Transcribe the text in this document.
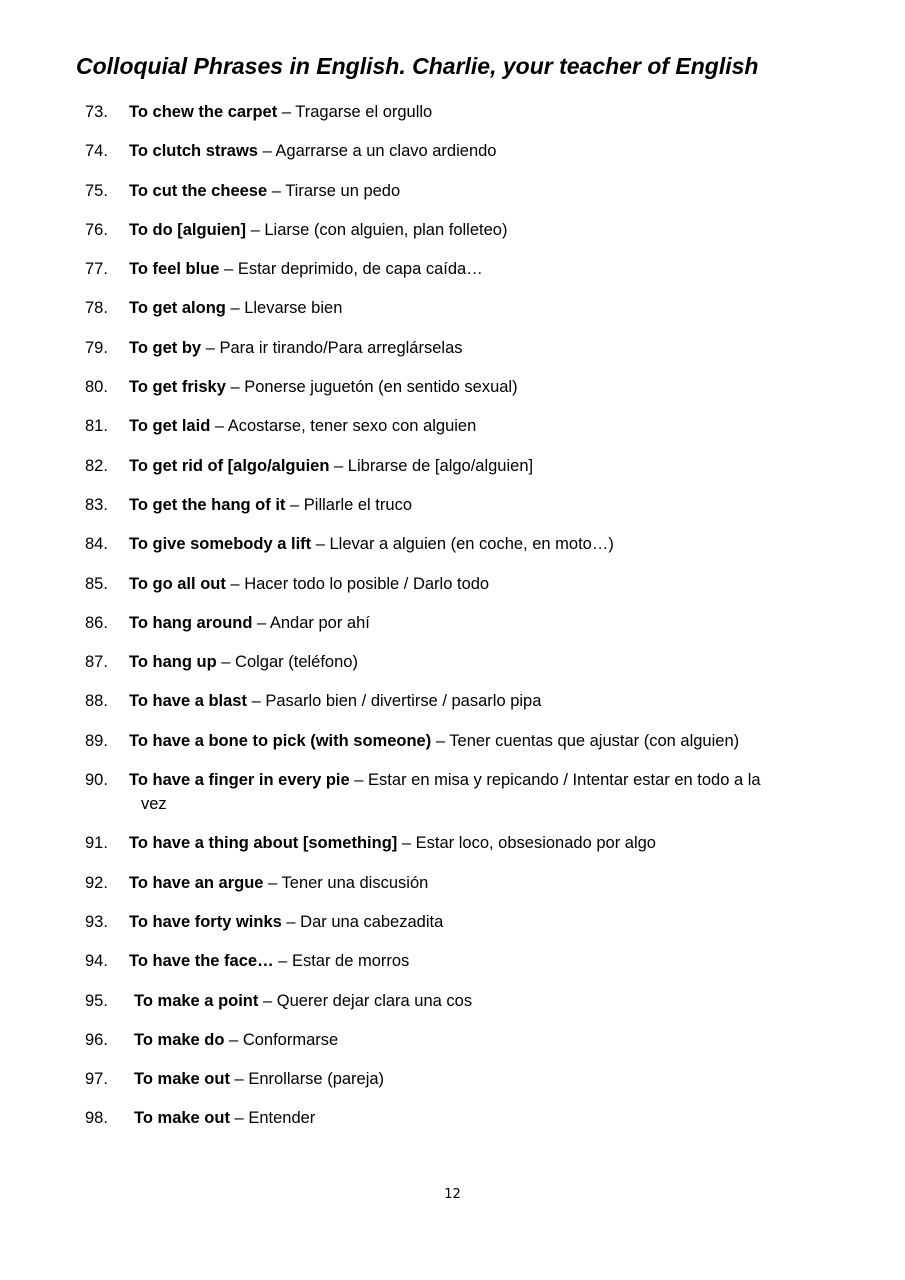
Colloquial Phrases in English. Charlie, your teacher of English
73. To chew the carpet – Tragarse el orgullo
74. To clutch straws – Agarrarse a un clavo ardiendo
75. To cut the cheese – Tirarse un pedo
76. To do [alguien] – Liarse (con alguien, plan folleteo)
77. To feel blue – Estar deprimido, de capa caída…
78. To get along – Llevarse bien
79. To get by – Para ir tirando/Para arreglárselas
80. To get frisky – Ponerse juguetón (en sentido sexual)
81. To get laid – Acostarse, tener sexo con alguien
82. To get rid of [algo/alguien – Librarse de [algo/alguien]
83. To get the hang of it – Pillarle el truco
84. To give somebody a lift – Llevar a alguien (en coche, en moto…)
85. To go all out – Hacer todo lo posible / Darlo todo
86. To hang around – Andar por ahí
87. To hang up – Colgar (teléfono)
88. To have a blast – Pasarlo bien / divertirse / pasarlo pipa
89. To have a bone to pick (with someone) – Tener cuentas que ajustar (con alguien)
90. To have a finger in every pie – Estar en misa y repicando / Intentar estar en todo a la vez
91. To have a thing about [something] – Estar loco, obsesionado por algo
92. To have an argue – Tener una discusión
93. To have forty winks – Dar una cabezadita
94. To have the face… – Estar de morros
95.	To make a point – Querer dejar clara una cos
96.	To make do – Conformarse
97.	To make out – Enrollarse (pareja)
98.	To make out – Entender
12
